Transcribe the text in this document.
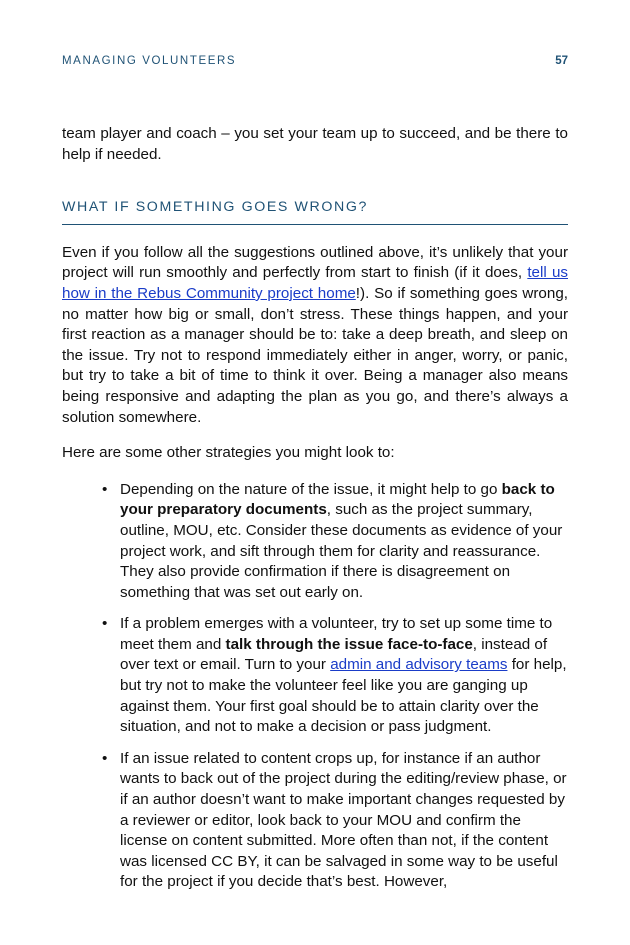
MANAGING VOLUNTEERS	57

team player and coach – you set your team up to succeed, and be there to help if needed.

WHAT IF SOMETHING GOES WRONG?

Even if you follow all the suggestions outlined above, it’s unlikely that your project will run smoothly and perfectly from start to finish (if it does, tell us how in the Rebus Community project home!). So if something goes wrong, no matter how big or small, don’t stress. These things happen, and your first reaction as a manager should be to: take a deep breath, and sleep on the issue. Try not to respond immediately either in anger, worry, or panic, but try to take a bit of time to think it over. Being a manager also means being responsive and adapting the plan as you go, and there’s always a solution somewhere.

Here are some other strategies you might look to:

• Depending on the nature of the issue, it might help to go back to your preparatory documents, such as the project summary, outline, MOU, etc. Consider these documents as evidence of your project work, and sift through them for clarity and reassurance. They also provide confirmation if there is disagreement on something that was set out early on.
• If a problem emerges with a volunteer, try to set up some time to meet them and talk through the issue face-to-face, instead of over text or email. Turn to your admin and advisory teams for help, but try not to make the volunteer feel like you are ganging up against them. Your first goal should be to attain clarity over the situation, and not to make a decision or pass judgment.
• If an issue related to content crops up, for instance if an author wants to back out of the project during the editing/review phase, or if an author doesn’t want to make important changes requested by a reviewer or editor, look back to your MOU and confirm the license on content submitted. More often than not, if the content was licensed CC BY, it can be salvaged in some way to be useful for the project if you decide that’s best. However,
